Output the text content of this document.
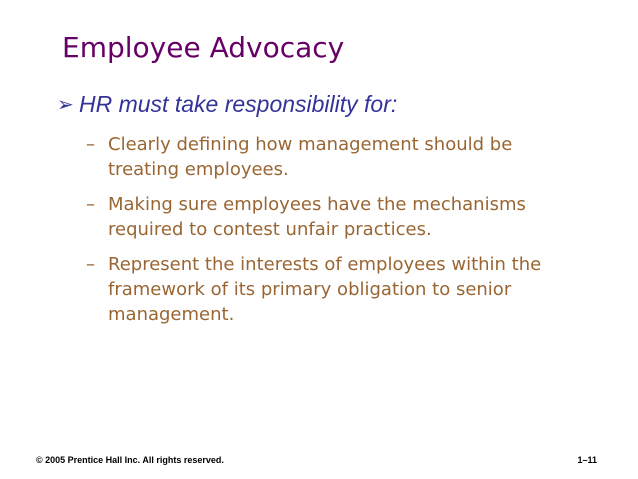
Employee Advocacy
➢ HR must take responsibility for:
– Clearly defining how management should be treating employees.
– Making sure employees have the mechanisms required to contest unfair practices.
– Represent the interests of employees within the framework of its primary obligation to senior management.
© 2005 Prentice Hall Inc. All rights reserved.	1–11
